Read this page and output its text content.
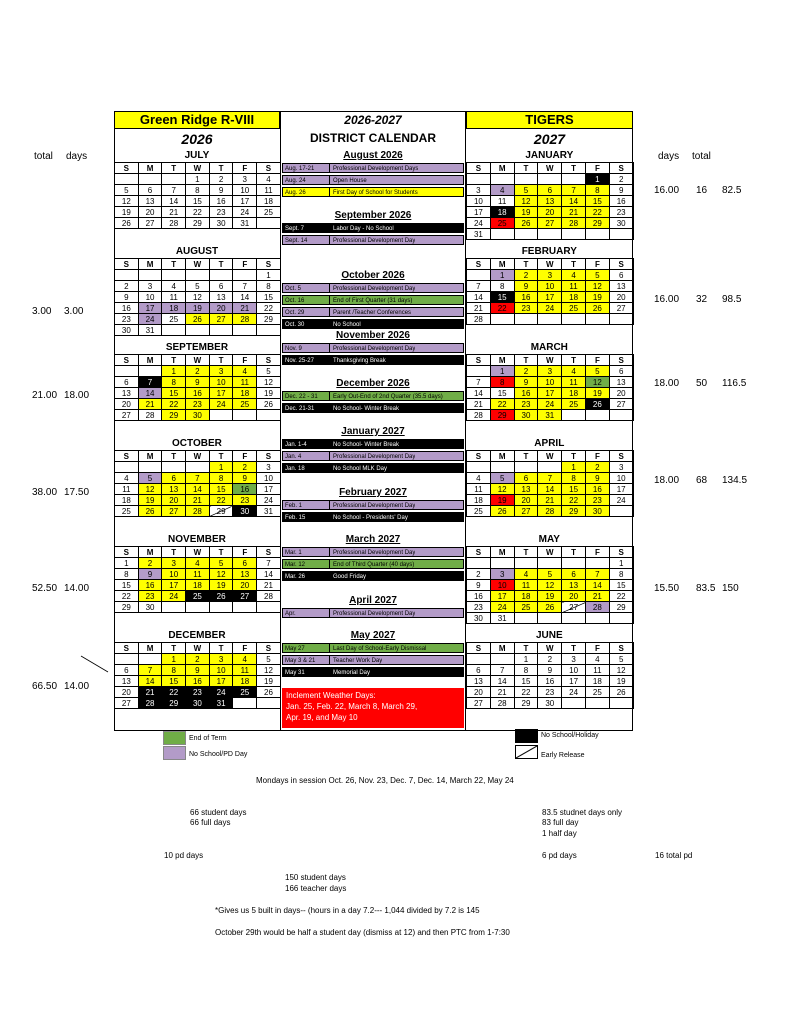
Green Ridge R-VIII	2026-2027	TIGERS
2026	DISTRICT CALENDAR	2027
total days	days total
JULY
S	M	T	W	T	F	S
			1	2	3	4
5	6	7	8	9	10	11
12	13	14	15	16	17	18
19	20	21	22	23	24	25
26	27	28	29	30	31	
AUGUST
S	M	T	W	T	F	S
						1
2	3	4	5	6	7	8
9	10	11	12	13	14	15
16	17	18	19	20	21	22
23	24	25	26	27	28	29
30	31					
SEPTEMBER
S	M	T	W	T	F	S
		1	2	3	4	5
6	7	8	9	10	11	12
13	14	15	16	17	18	19
20	21	22	23	24	25	26
27	28	29	30			
OCTOBER
S	M	T	W	T	F	S
				1	2	3
4	5	6	7	8	9	10
11	12	13	14	15	16	17
18	19	20	21	22	23	24
25	26	27	28	29	30	31
NOVEMBER
S	M	T	W	T	F	S
1	2	3	4	5	6	7
8	9	10	11	12	13	14
15	16	17	18	19	20	21
22	23	24	25	26	27	28
29	30					
DECEMBER
S	M	T	W	T	F	S
		1	2	3	4	5
6	7	8	9	10	11	12
13	14	15	16	17	18	19
20	21	22	23	24	25	26
27	28	29	30	31		
JANUARY
S	M	T	W	T	F	S
					1	2
3	4	5	6	7	8	9
10	11	12	13	14	15	16
17	18	19	20	21	22	23
24	25	26	27	28	29	30
31						
FEBRUARY
S	M	T	W	T	F	S
	1	2	3	4	5	6
7	8	9	10	11	12	13
14	15	16	17	18	19	20
21	22	23	24	25	26	27
28						
MARCH
S	M	T	W	T	F	S
	1	2	3	4	5	6
7	8	9	10	11	12	13
14	15	16	17	18	19	20
21	22	23	24	25	26	27
28	29	30	31			
APRIL
S	M	T	W	T	F	S
				1	2	3
4	5	6	7	8	9	10
11	12	13	14	15	16	17
18	19	20	21	22	23	24
25	26	27	28	29	30	
MAY
S	M	T	W	T	F	S
						1
2	3	4	5	6	7	8
9	10	11	12	13	14	15
16	17	18	19	20	21	22
23	24	25	26	27	28	29
30	31					
JUNE
S	M	T	W	T	F	S
		1	2	3	4	5
6	7	8	9	10	11	12
13	14	15	16	17	18	19
20	21	22	23	24	25	26
27	28	29	30			
August 2026
Aug. 17-21	Professional Development Days
Aug. 24	Open House
Aug. 26	First Day of School for Students
September 2026
Sept. 7	Labor Day - No School
Sept. 14	Professional Development Day
October 2026
Oct. 5	Professional Development Day
Oct. 16	End of First Quarter (31 days)
Oct. 29	Parent /Teacher Conferences
Oct. 30	No School
November 2026
Nov. 9	Professional Development Day
Nov. 25-27	Thanksgiving Break
December 2026
Dec. 22 - 31	Early Out-End of 2nd Quarter (35.5 days)
Dec. 21-31	No School- Winter Break
January 2027
Jan. 1-4	No School- Winter Break
Jan. 4	Professional Development Day
Jan. 18	No School MLK Day
February 2027
Feb. 1	Professional Development Day
Feb. 15	No School - Presidents' Day
March 2027
Mar. 1	Professional Development Day
Mar. 12	End of Third Quarter (40 days)
Mar. 26	Good Friday
April 2027
Apr.	Professional Development Day
May 2027
May 27	Last Day of School-Early Dismissal
May 3 & 21	Teacher Work Day
May 31	Memorial Day
Inclement Weather Days:
Jan. 25, Feb. 22, March 8, March 29,
Apr. 19, and May 10
3.00 3.00
21.00 18.00
38.00 17.50
52.50 14.00
66.50 14.00
16.00 16 82.5
16.00 32 98.5
18.00 50 116.5
18.00 68 134.5
15.50 83.5 150
End of Term
No School/PD Day
No School/Holiday
Early Release
Mondays in session Oct. 26, Nov. 23, Dec. 7, Dec. 14, March 22, May 24
66 student days
66 full days
83.5 studnet days only
83 full day
1 half day
10 pd days	6 pd days	16 total pd
150 student days
166 teacher days
*Gives us 5 built in days-- (hours in a day 7.2--- 1,044 divided by 7.2 is 145
October 29th would be half a student day (dismiss at 12) and then PTC from 1-7:30
